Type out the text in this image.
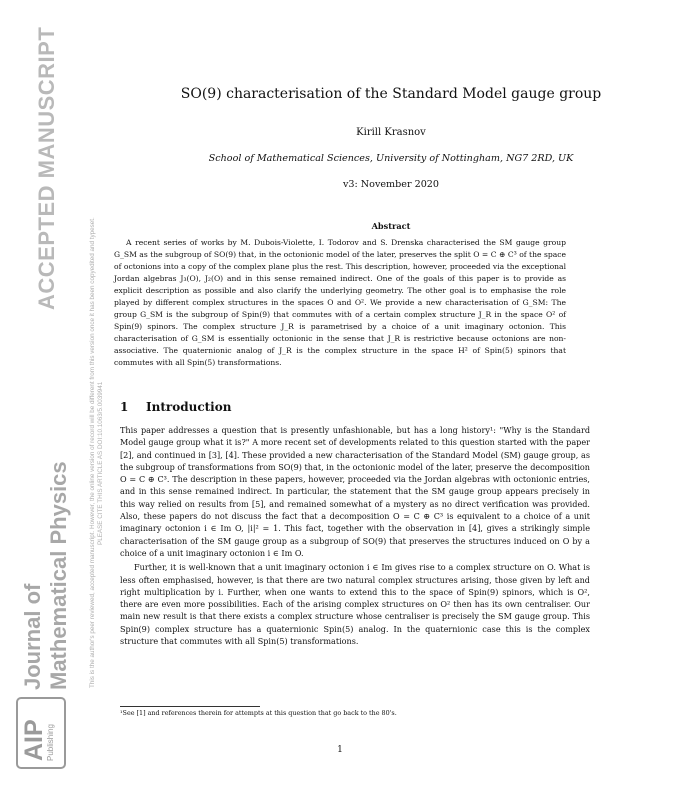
ACCEPTED MANUSCRIPT
Journal of Mathematical Physics	This is the author's peer reviewed, accepted manuscript. However, the online version of record will be different from this version once it has been copyedited and typeset. PLEASE CITE THIS ARTICLE AS DOI:10.1063/5.0039941
AIP
Publishing
SO(9) characterisation of the Standard Model gauge group
Kirill Krasnov
School of Mathematical Sciences, University of Nottingham, NG7 2RD, UK
v3: November 2020
Abstract

A recent series of works by M. Dubois-Violette, I. Todorov and S. Drenska characterised the SM gauge group G_SM as the subgroup of SO(9) that, in the octonionic model of the later, preserves the split O = C ⊕ C³ of the space of octonions into a copy of the complex plane plus the rest. This description, however, proceeded via the exceptional Jordan algebras J₃(O), J₂(O) and in this sense remained indirect. One of the goals of this paper is to provide as explicit description as possible and also clarify the underlying geometry. The other goal is to emphasise the role played by different complex structures in the spaces O and O². We provide a new characterisation of G_SM: The group G_SM is the subgroup of Spin(9) that commutes with of a certain complex structure J_R in the space O² of Spin(9) spinors. The complex structure J_R is parametrised by a choice of a unit imaginary octonion. This characterisation of G_SM is essentially octonionic in the sense that J_R is restrictive because octonions are non-associative. The quaternionic analog of J_R is the complex structure in the space H² of Spin(5) spinors that commutes with all Spin(5) transformations.

1 Introduction

This paper addresses a question that is presently unfashionable, but has a long history¹: "Why is the Standard Model gauge group what it is?" A more recent set of developments related to this question started with the paper [2], and continued in [3], [4]. These provided a new characterisation of the Standard Model (SM) gauge group, as the subgroup of transformations from SO(9) that, in the octonionic model of the later, preserve the decomposition O = C ⊕ C³. The description in these papers, however, proceeded via the Jordan algebras with octonionic entries, and in this sense remained indirect. In particular, the statement that the SM gauge group appears precisely in this way relied on results from [5], and remained somewhat of a mystery as no direct verification was provided. Also, these papers do not discuss the fact that a decomposition O = C ⊕ C³ is equivalent to a choice of a unit imaginary octonion i ∈ Im O, |i|² = 1. This fact, together with the observation in [4], gives a strikingly simple characterisation of the SM gauge group as a subgroup of SO(9) that preserves the structures induced on O by a choice of a unit imaginary octonion i ∈ Im O.

Further, it is well-known that a unit imaginary octonion i ∈ Im gives rise to a complex structure on O. What is less often emphasised, however, is that there are two natural complex structures arising, those given by left and right multiplication by i. Further, when one wants to extend this to the space of Spin(9) spinors, which is O², there are even more possibilities. Each of the arising complex structures on O² then has its own centraliser. Our main new result is that there exists a complex structure whose centraliser is precisely the SM gauge group. This Spin(9) complex structure has a quaternionic Spin(5) analog. In the quaternionic case this is the complex structure that commutes with all Spin(5) transformations.

¹See [1] and references therein for attempts at this question that go back to the 80's.
1
